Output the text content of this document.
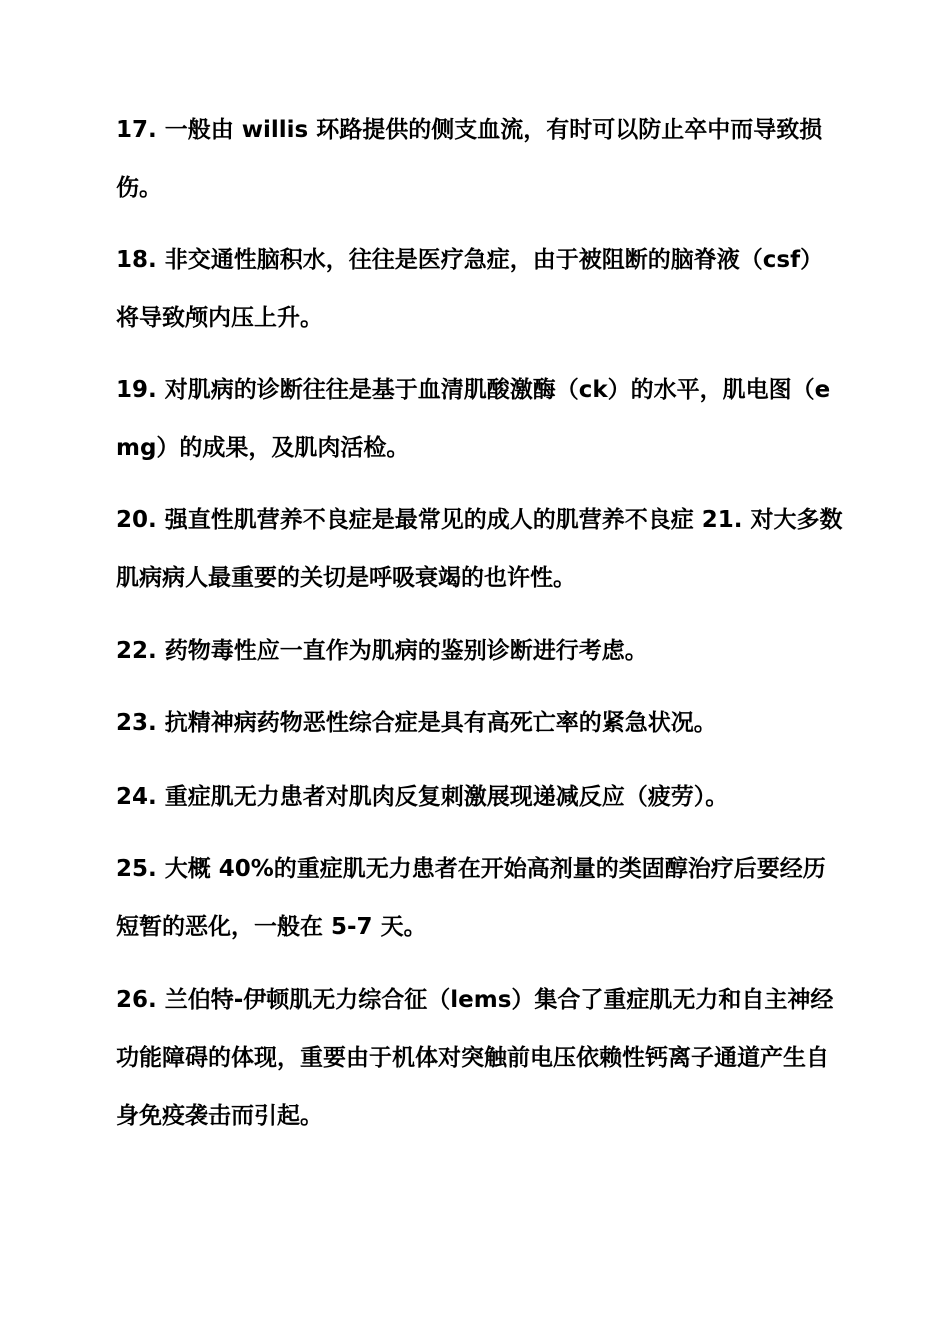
17. 一般由 willis 环路提供的侧支血流，有时可以防止卒中而导致损伤。
18. 非交通性脑积水，往往是医疗急症，由于被阻断的脑脊液（csf）将导致颅内压上升。
19. 对肌病的诊断往往是基于血清肌酸激酶（ck）的水平，肌电图（emg）的成果，及肌肉活检。
20. 强直性肌营养不良症是最常见的成人的肌营养不良症 21. 对大多数肌病病人最重要的关切是呼吸衰竭的也许性。
22. 药物毒性应一直作为肌病的鉴别诊断进行考虑。
23. 抗精神病药物恶性综合症是具有高死亡率的紧急状况。
24. 重症肌无力患者对肌肉反复刺激展现递减反应（疲劳）。
25. 大概 40%的重症肌无力患者在开始高剂量的类固醇治疗后要经历短暂的恶化，一般在 5-7 天。
26. 兰伯特-伊顿肌无力综合征（lems）集合了重症肌无力和自主神经功能障碍的体现，重要由于机体对突触前电压依赖性钙离子通道产生自身免疫袭击而引起。
